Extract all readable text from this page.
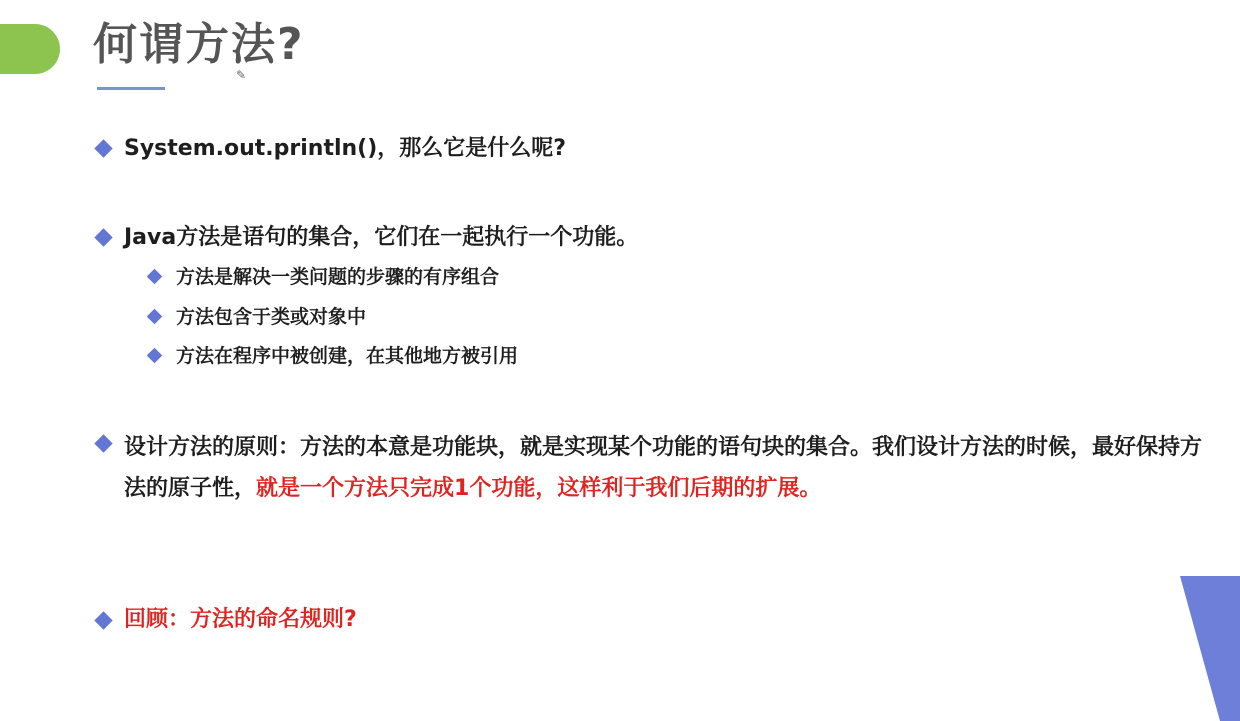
何谓方法?
✎
System.out.println()，那么它是什么呢?
Java方法是语句的集合，它们在一起执行一个功能。
方法是解决一类问题的步骤的有序组合
方法包含于类或对象中
方法在程序中被创建，在其他地方被引用
设计方法的原则：方法的本意是功能块，就是实现某个功能的语句块的集合。我们设计方法的时候，最好保持方法的原子性，就是一个方法只完成1个功能，这样利于我们后期的扩展。
回顾：方法的命名规则?
